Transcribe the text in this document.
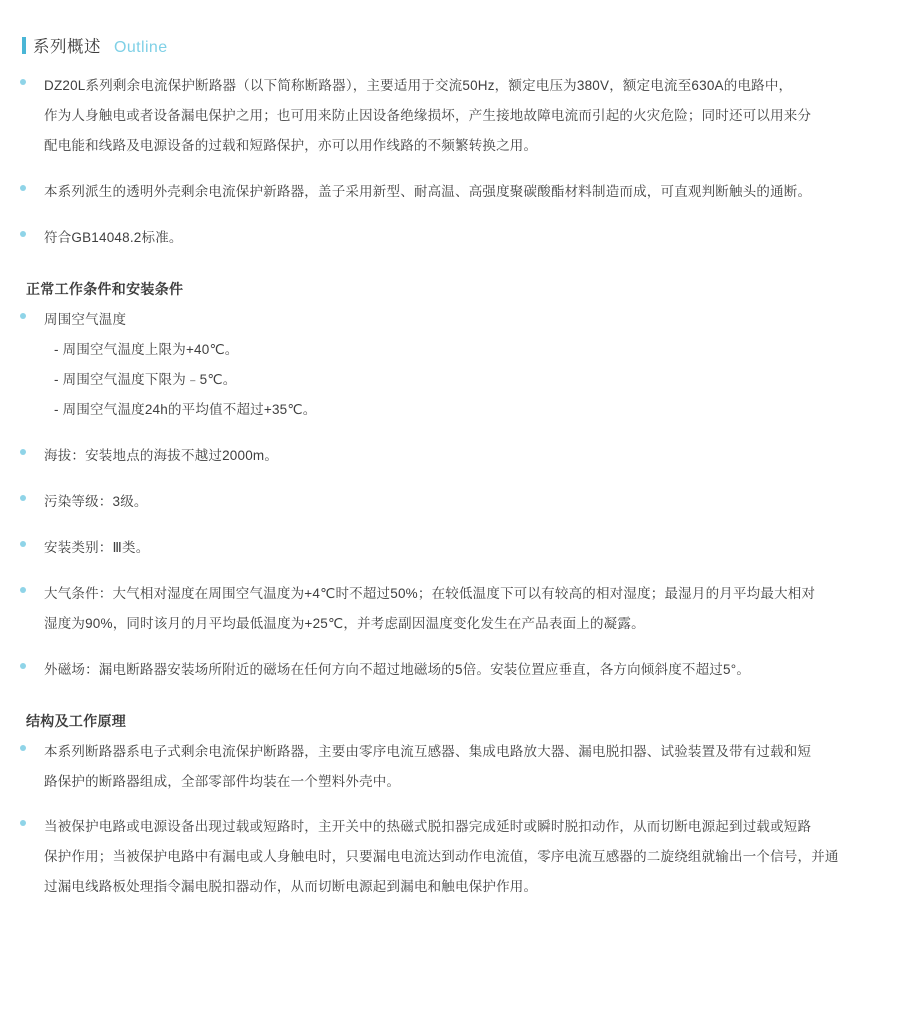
系列概述 Outline
DZ20L系列剩余电流保护断路器（以下简称断路器），主要适用于交流50Hz，额定电压为380V，额定电流至630A的电路中，
作为人身触电或者设备漏电保护之用；也可用来防止因设备绝缘损坏，产生接地故障电流而引起的火灾危险；同时还可以用来分
配电能和线路及电源设备的过载和短路保护，亦可以用作线路的不频繁转换之用。
本系列派生的透明外壳剩余电流保护新路器，盖子采用新型、耐高温、高强度聚碳酸酯材料制造而成，可直观判断触头的通断。
符合GB14048.2标准。
正常工作条件和安装条件
周围空气温度
- 周围空气温度上限为+40℃。
- 周围空气温度下限为﹣5℃。
- 周围空气温度24h的平均值不超过+35℃。
海拔：安装地点的海拔不越过2000m。
污染等级：3级。
安装类别：Ⅲ类。
大气条件：大气相对湿度在周围空气温度为+4℃时不超过50%；在较低温度下可以有较高的相对湿度；最湿月的月平均最大相对
湿度为90%，同时该月的月平均最低温度为+25℃，并考虑副因温度变化发生在产品表面上的凝露。
外磁场：漏电断路器安装场所附近的磁场在任何方向不超过地磁场的5倍。安装位置应垂直，各方向倾斜度不超过5°。
结构及工作原理
本系列断路器系电子式剩余电流保护断路器，主要由零序电流互感器、集成电路放大器、漏电脱扣器、试验装置及带有过载和短
路保护的断路器组成，全部零部件均装在一个塑料外壳中。
当被保护电路或电源设备出现过载或短路时，主开关中的热磁式脱扣器完成延时或瞬时脱扣动作，从而切断电源起到过载或短路
保护作用；当被保护电路中有漏电或人身触电时，只要漏电电流达到动作电流值，零序电流互感器的二旋绕组就输出一个信号，并通
过漏电线路板处理指令漏电脱扣器动作，从而切断电源起到漏电和触电保护作用。
